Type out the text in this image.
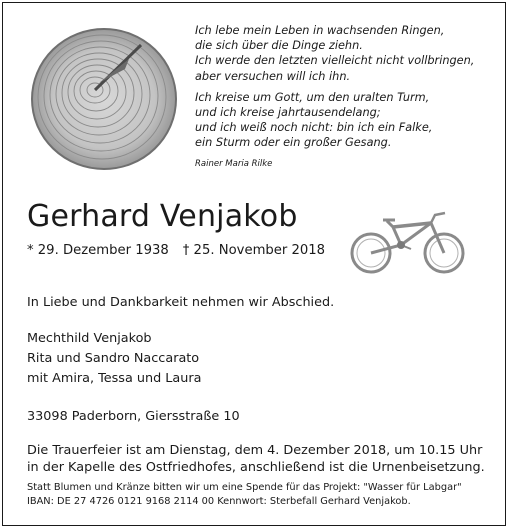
Ich lebe mein Leben in wachsenden Ringen,
die sich über die Dinge ziehn.
Ich werde den letzten vielleicht nicht vollbringen,
aber versuchen will ich ihn.
Ich kreise um Gott, um den uralten Turm,
und ich kreise jahrtausendelang;
und ich weiß noch nicht: bin ich ein Falke,
ein Sturm oder ein großer Gesang.
Rainer Maria Rilke
Gerhard Venjakob
* 29. Dezember 1938 † 25. November 2018
In Liebe und Dankbarkeit nehmen wir Abschied.
Mechthild Venjakob
Rita und Sandro Naccarato
mit Amira, Tessa und Laura
33098 Paderborn, Giersstraße 10
Die Trauerfeier ist am Dienstag, dem 4. Dezember 2018, um 10.15 Uhr
in der Kapelle des Ostfriedhofes, anschließend ist die Urnenbeisetzung.
Statt Blumen und Kränze bitten wir um eine Spende für das Projekt: "Wasser für Labgar"
IBAN: DE 27 4726 0121 9168 2114 00 Kennwort: Sterbefall Gerhard Venjakob.
